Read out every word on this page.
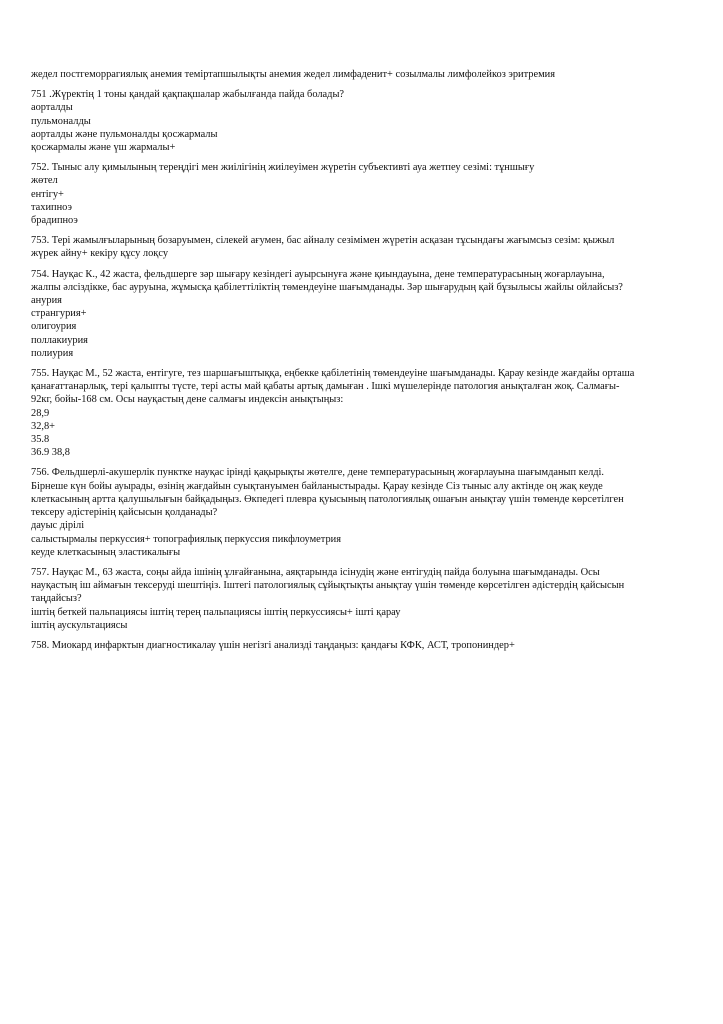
жедел постгеморрагиялық анемия темiртапшылықты анемия жедел лимфаденит+ созылмалы лимфолейкоз эритремия

751 .Жүректің 1 тоны қандай қақпақшалар жабылғанда пайда болады?
аорталды
пульмоналды
аорталды және пульмоналды қосжармалы
қосжармалы және үш жармалы+
752. Тыныс алу қимылының тереңдігі мен жиілігінің жиілеуімен жүретін субъективті ауа жетпеу сезімі: тұншығу
жөтел
ентігу+
тахипноэ
брадипноэ
753. Тері жамылғыларының бозаруымен, сілекей ағумен, бас айналу сезімімен жүретін асқазан тұсындағы жағымсыз сезім: қыжыл
жүрек айну+ кекіру құсу лоқсу
754. Науқас К., 42 жаста, фельдшерге зәр шығару кезіндегі ауырсынуға және қиындауына, дене температурасының жоғарлауына,
жалпы әлсіздікке, бас ауруына, жұмысқа қабілеттіліктің төмендеуіне шағымданады. Зәр шығарудың қай бұзылысы жайлы ойлайсыз?
анурия
странгурия+
олигоурия
поллакиурия
полиурия
755. Науқас М., 52 жаста, ентігуге, тез шаршағыштыққа, еңбекке қабілетінің төмендеуіне шағымданады. Қарау кезінде жағдайы орташа
қанағаттанарлық, тері қалыпты түсте, тері асты май қабаты артық дамыған . Ішкі мүшелерінде патология анықталған жоқ. Салмағы-
92кг, бойы-168 см. Осы науқастың дене салмағы индексін анықтыңыз:
28,9
32,8+
35.8
36.9 38,8
756. Фельдшерлі-акушерлік пунктке науқас ірінді қақырықты жөтелге, дене температурасының жоғарлауына шағымданып келді.
Бірнеше күн бойы ауырады, өзінің жағдайын суықтануымен байланыстырады. Қарау кезінде Сіз тыныс алу актінде оң жақ кеуде
клеткасының артта қалушылығын байқадыңыз. Өкпедегі плевра қуысының патологиялық ошағын анықтау үшін төменде көрсетілген
тексеру әдістерінің қайсысын қолданады?
дауыс дірілі
салыстырмалы перкуссия+ топографиялық перкуссия пикфлоуметрия
кеуде клеткасының эластикалығы
757. Науқас М., 63 жаста, соңы айда ішінің ұлғайғанына, аяқтарында ісінудің және ентігудің пайда болуына шағымданады. Осы
науқастың іш аймағын тексеруді шештіңіз. Іштегі патологиялық сұйықтықты анықтау үшін төменде көрсетілген әдістердің қайсысын
таңдайсыз?
іштің беткей пальпациясы іштің терең пальпациясы іштің перкуссиясы+ іштi қарау
іштің аускультациясы
758. Миокард инфарктын диагностикалау үшін негізгі анализді таңдаңыз: қандағы КФК, АСТ, тропониндер+
